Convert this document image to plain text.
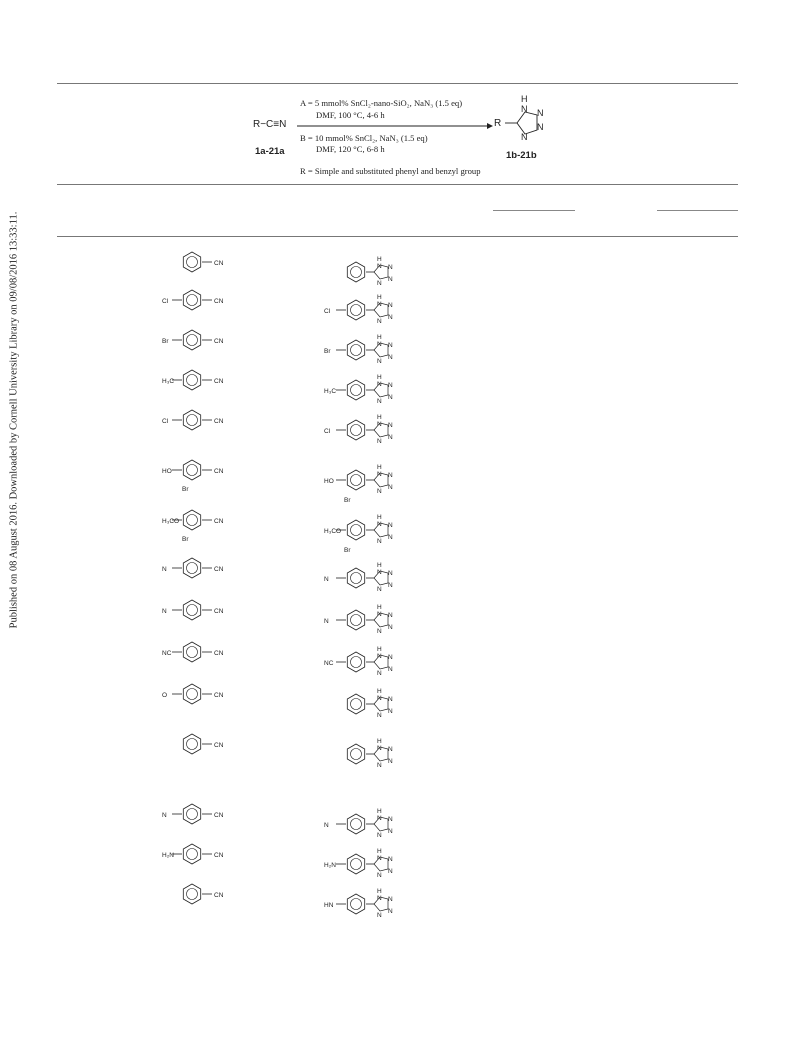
Published on 08 August 2016. Downloaded by Cornell University Library on 09/08/2016 13:33:11.
R−C≡N
1a-21a
A = 5 mmol% SnCl₂-nano-SiO₂, NaN₃ (1.5 eq)
DMF, 100 °C, 4-6 h
B = 10 mmol% SnCl₂, NaN₃ (1.5 eq)
DMF, 120 °C, 6-8 h
R = Simple and substituted phenyl and benzyl group
R
H
N N
N
N
1b-21b
CN
H
N N
N
N
CN
Cl
H
N N
N
N
Cl
CN
Br
H
N N
N
N
Br
CN
H₃C
H
N N
N
N
H₃C
CN
Cl
H
N N
N
N
Cl
CN
HO
Br
H
N N
N
N
HO
Br
CN
H₃CO
Br
H
N N
N
N
H₃CO
Br
CN
N
H
N N
N
N
N
CN
N
H
N N
N
N
N
CN
NC
H
N N
N
N
NC
CN
O
H
N N
N
N
CN
H
N N
N
N
CN
N
H
N N
N
N
N
CN
H₂N
H
N N
N
N
H₂N
CN
H
N N
N
N
HN
